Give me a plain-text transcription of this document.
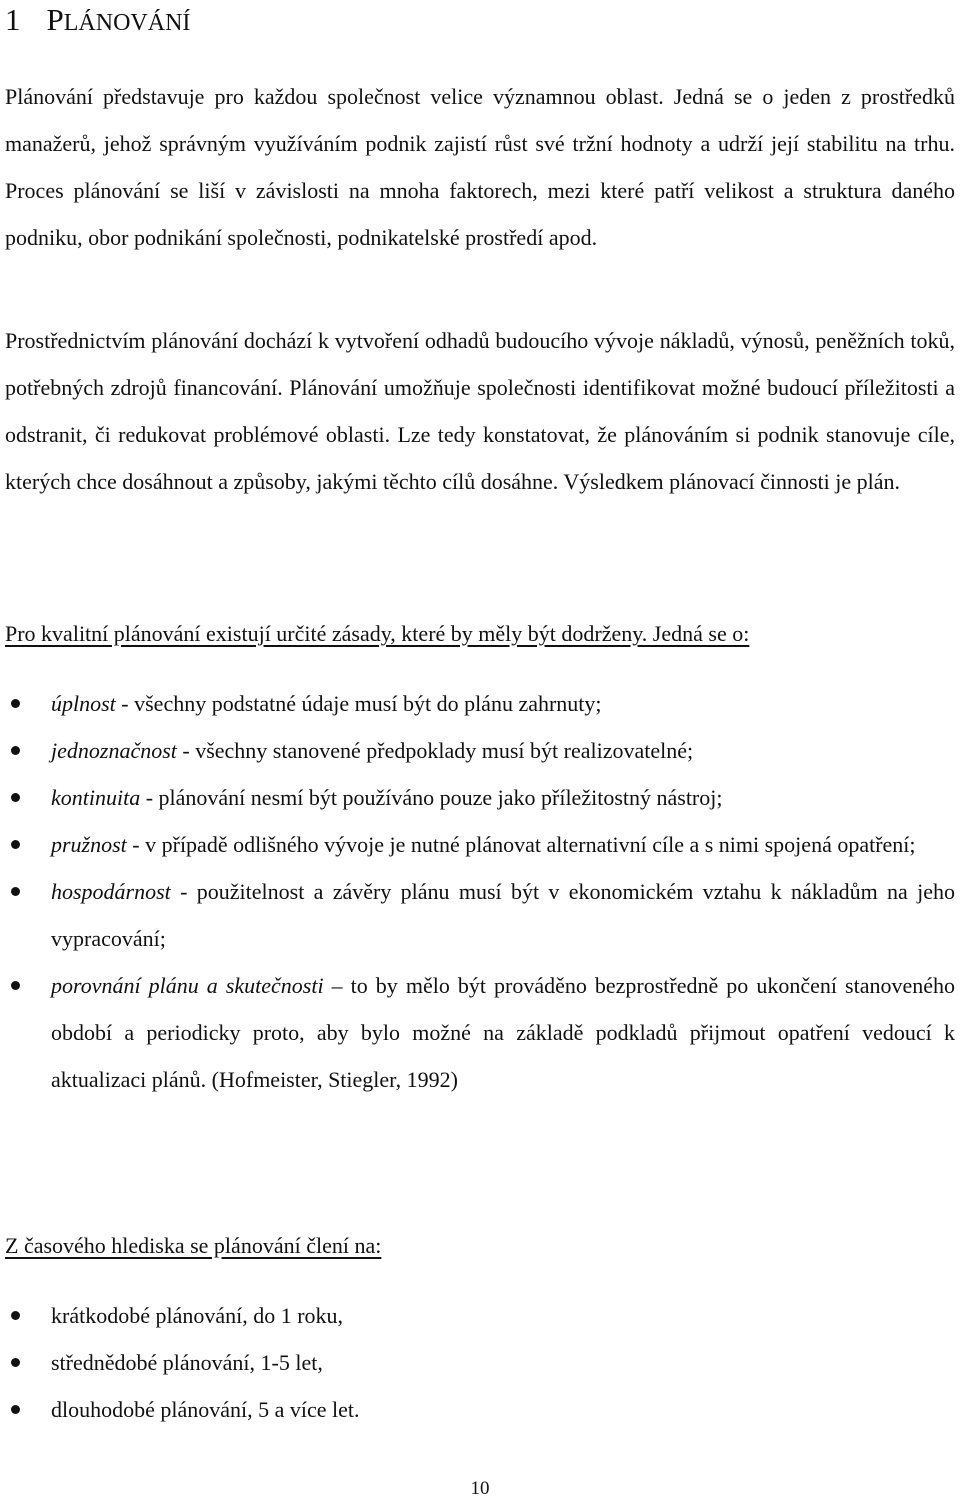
1 PLÁNOVÁNÍ

Plánování představuje pro každou společnost velice významnou oblast. Jedná se o jeden z prostředků manažerů, jehož správným využíváním podnik zajistí růst své tržní hodnoty a udrží její stabilitu na trhu. Proces plánování se liší v závislosti na mnoha faktorech, mezi které patří velikost a struktura daného podniku, obor podnikání společnosti, podnikatelské prostředí apod.

Prostřednictvím plánování dochází k vytvoření odhadů budoucího vývoje nákladů, výnosů, peněžních toků, potřebných zdrojů financování. Plánování umožňuje společnosti identifikovat možné budoucí příležitosti a odstranit, či redukovat problémové oblasti. Lze tedy konstatovat, že plánováním si podnik stanovuje cíle, kterých chce dosáhnout a způsoby, jakými těchto cílů dosáhne. Výsledkem plánovací činnosti je plán.

Pro kvalitní plánování existují určité zásady, které by měly být dodrženy. Jedná se o:

úplnost - všechny podstatné údaje musí být do plánu zahrnuty;
jednoznačnost - všechny stanovené předpoklady musí být realizovatelné;
kontinuita - plánování nesmí být používáno pouze jako příležitostný nástroj;
pružnost - v případě odlišného vývoje je nutné plánovat alternativní cíle a s nimi spojená opatření;
hospodárnost - použitelnost a závěry plánu musí být v ekonomickém vztahu k nákladům na jeho vypracování;
porovnání plánu a skutečnosti – to by mělo být prováděno bezprostředně po ukončení stanoveného období a periodicky proto, aby bylo možné na základě podkladů přijmout opatření vedoucí k aktualizaci plánů. (Hofmeister, Stiegler, 1992)

Z časového hlediska se plánování člení na:

krátkodobé plánování, do 1 roku,
střednědobé plánování, 1-5 let,
dlouhodobé plánování, 5 a více let.
10
